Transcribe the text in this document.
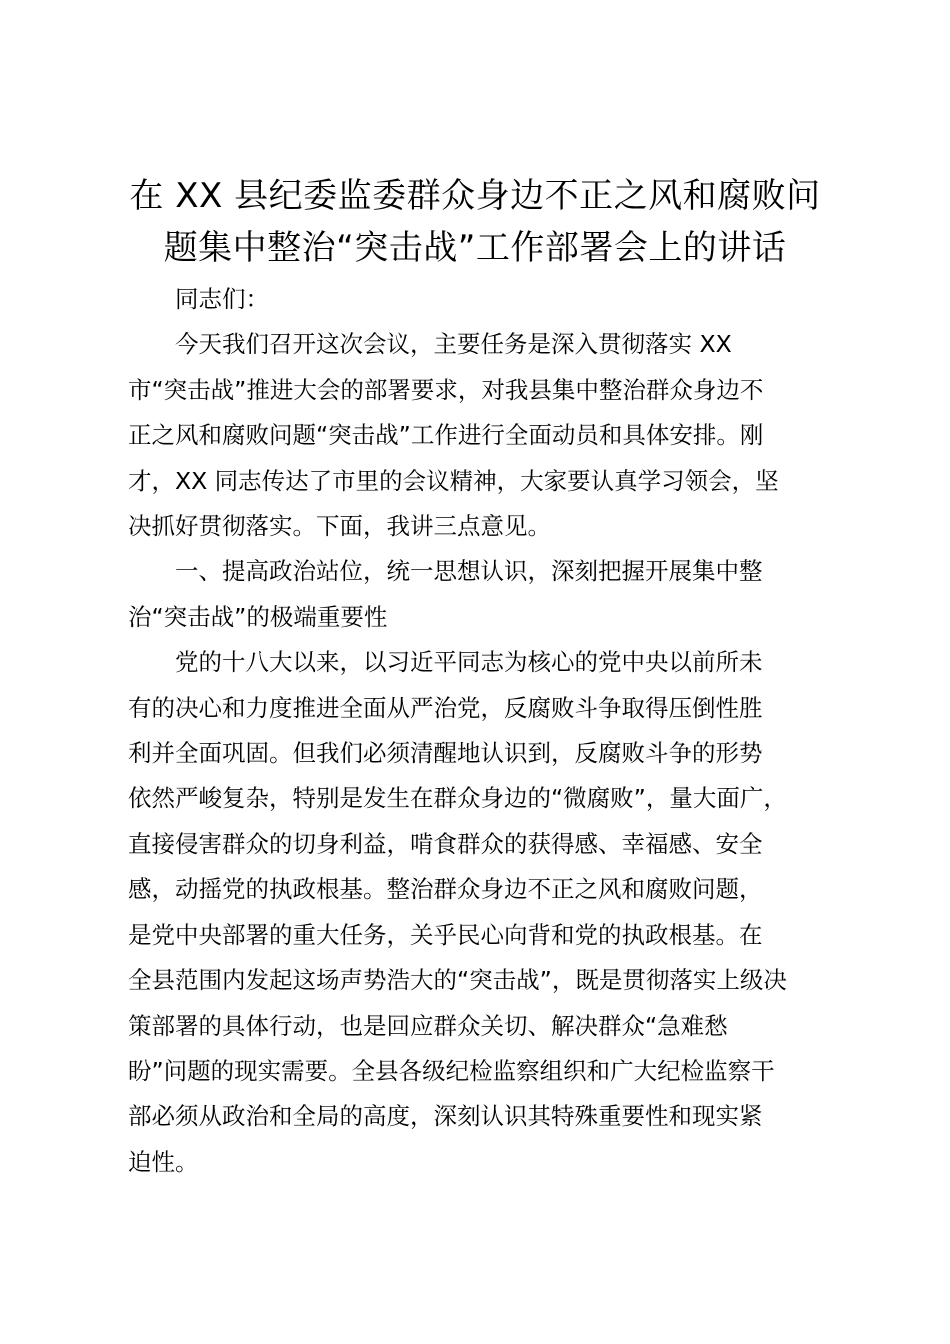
在 XX 县纪委监委群众身边不正之风和腐败问
题集中整治“突击战”工作部署会上的讲话

同志们：

今天我们召开这次会议，主要任务是深入贯彻落实 XX
市“突击战”推进大会的部署要求，对我县集中整治群众身边不
正之风和腐败问题“突击战”工作进行全面动员和具体安排。刚
才，XX 同志传达了市里的会议精神，大家要认真学习领会，坚
决抓好贯彻落实。下面，我讲三点意见。

一、提高政治站位，统一思想认识，深刻把握开展集中整
治“突击战”的极端重要性

党的十八大以来，以习近平同志为核心的党中央以前所未
有的决心和力度推进全面从严治党，反腐败斗争取得压倒性胜
利并全面巩固。但我们必须清醒地认识到，反腐败斗争的形势
依然严峻复杂，特别是发生在群众身边的“微腐败”，量大面广，
直接侵害群众的切身利益，啃食群众的获得感、幸福感、安全
感，动摇党的执政根基。整治群众身边不正之风和腐败问题，
是党中央部署的重大任务，关乎民心向背和党的执政根基。在
全县范围内发起这场声势浩大的“突击战”，既是贯彻落实上级决
策部署的具体行动，也是回应群众关切、解决群众“急难愁
盼”问题的现实需要。全县各级纪检监察组织和广大纪检监察干
部必须从政治和全局的高度，深刻认识其特殊重要性和现实紧
迫性。
